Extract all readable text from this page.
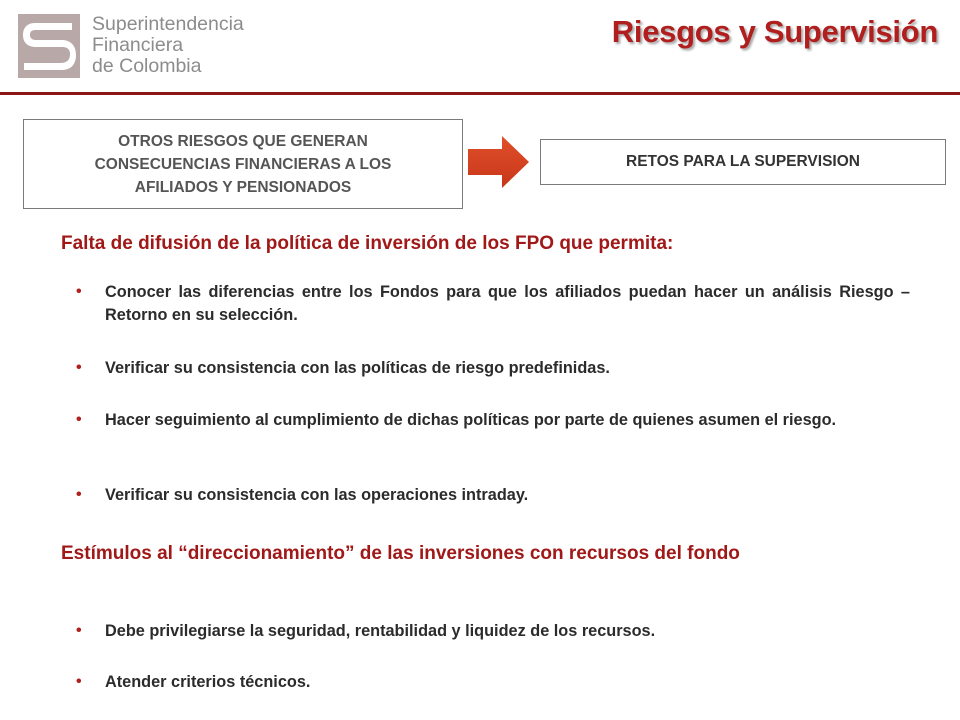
Superintendencia
Financiera
de Colombia
Riesgos y Supervisión
OTROS RIESGOS QUE GENERAN
CONSECUENCIAS FINANCIERAS A LOS
AFILIADOS Y PENSIONADOS
RETOS PARA LA SUPERVISION
Falta de difusión de la política de inversión de los FPO que permita:
•	Conocer las diferencias entre los Fondos para que los afiliados puedan hacer un análisis Riesgo – Retorno en su selección.
•	Verificar su consistencia con las políticas de riesgo predefinidas.
•	Hacer seguimiento al cumplimiento de dichas políticas por parte de quienes asumen el riesgo.
•	Verificar su consistencia con las operaciones intraday.
Estímulos al “direccionamiento” de las inversiones con recursos del fondo
•	Debe privilegiarse la seguridad, rentabilidad y liquidez de los recursos.
•	Atender criterios técnicos.
